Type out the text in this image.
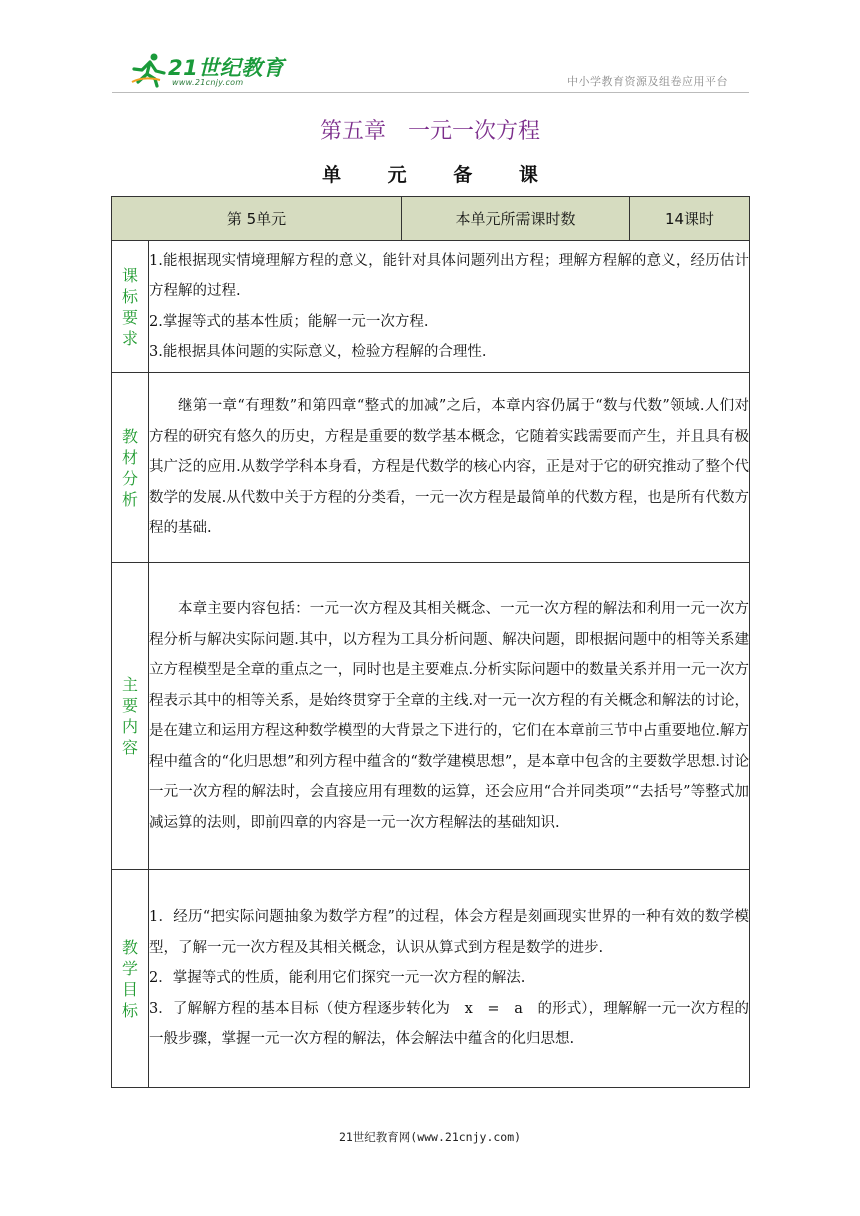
21世纪教育
www.21cnjy.com	中小学教育资源及组卷应用平台
第五章　一元一次方程
单 元 备 课
第 5单元		本单元所需课时数	14课时
课标要求	1.能根据现实情境理解方程的意义，能针对具体问题列出方程；理解方程解的意义，经历估计方程解的过程.

2.掌握等式的基本性质；能解一元一次方程.

3.能根据具体问题的实际意义，检验方程解的合理性.		

教材分析	继第一章“有理数”和第四章“整式的加减”之后，本章内容仍属于“数与代数”领域.人们对方程的研究有悠久的历史，方程是重要的数学基本概念，它随着实践需要而产生，并且具有极其广泛的应用.从数学学科本身看，方程是代数学的核心内容，正是对于它的研究推动了整个代数学的发展.从代数中关于方程的分类看，一元一次方程是最简单的代数方程，也是所有代数方程的基础.		

主要内容	本章主要内容包括：一元一次方程及其相关概念、一元一次方程的解法和利用一元一次方程分析与解决实际问题.其中，以方程为工具分析问题、解决问题，即根据问题中的相等关系建立方程模型是全章的重点之一，同时也是主要难点.分析实际问题中的数量关系并用一元一次方程表示其中的相等关系，是始终贯穿于全章的主线.对一元一次方程的有关概念和解法的讨论，是在建立和运用方程这种数学模型的大背景之下进行的，它们在本章前三节中占重要地位.解方程中蕴含的“化归思想”和列方程中蕴含的“数学建模思想”，是本章中包含的主要数学思想.讨论一元一次方程的解法时，会直接应用有理数的运算，还会应用“合并同类项”“去括号”等整式加减运算的法则，即前四章的内容是一元一次方程解法的基础知识.		

教学目标	1．经历“把实际问题抽象为数学方程”的过程，体会方程是刻画现实世界的一种有效的数学模型，了解一元一次方程及其相关概念，认识从算式到方程是数学的进步.

2．掌握等式的性质，能利用它们探究一元一次方程的解法.

3．了解解方程的基本目标（使方程逐步转化为　x　=　a　的形式），理解解一元一次方程的一般步骤，掌握一元一次方程的解法，体会解法中蕴含的化归思想.		

21世纪教育网(www.21cnjy.com)
